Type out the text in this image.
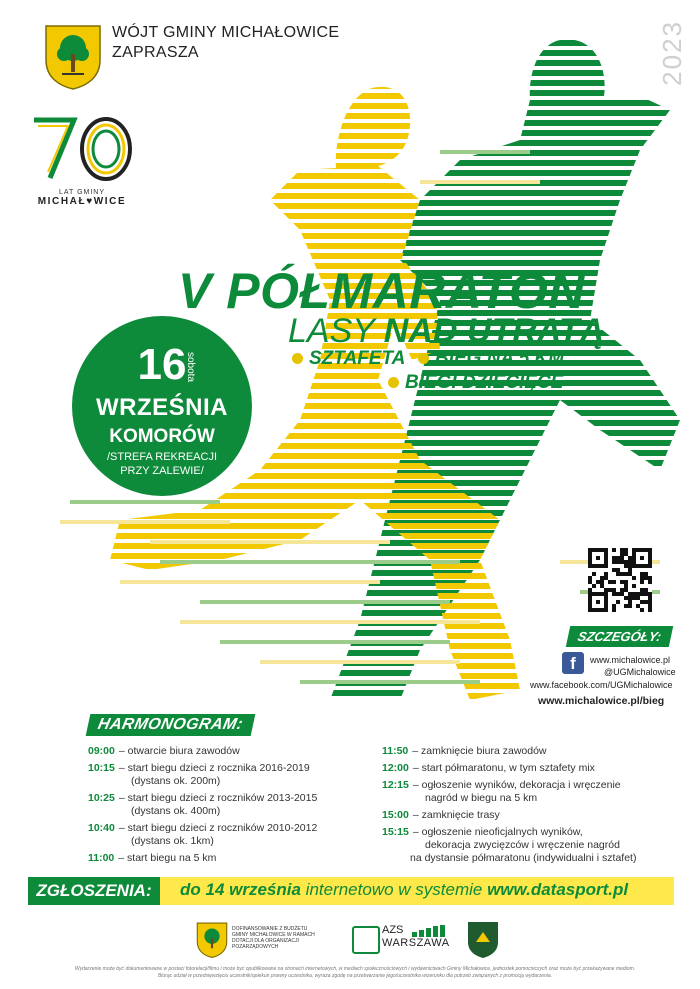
WÓJT GMINY MICHAŁOWICE
ZAPRASZA	2023
LAT GMINY
MICHAŁ♥WICE
V PÓŁMARATON
LASY NAD UTRATĄ
SZTAFETA BIEG NA 5 KM
BIEGI DZIECIĘCE
16
sobota
WRZEŚNIA
KOMORÓW
/STREFA REKREACJI
PRZY ZALEWIE/
SZCZEGÓŁY:
f	www.michalowice.pl
@UGMichalowice
www.facebook.com/UGMichalowice
www.michalowice.pl/bieg
HARMONOGRAM:
09:00 – otwarcie biura zawodów
10:15 – start biegu dzieci z rocznika 2016-2019
(dystans ok. 200m)
10:25 – start biegu dzieci z roczników 2013-2015
(dystans ok. 400m)
10:40 – start biegu dzieci z roczników 2010-2012
(dystans ok. 1km)
11:00 – start biegu na 5 km
11:50 – zamknięcie biura zawodów
12:00 – start półmaratonu, w tym sztafety mix
12:15 – ogłoszenie wyników, dekoracja i wręczenie
nagród w biegu na 5 km
15:00 – zamknięcie trasy
15:15 – ogłoszenie nieoficjalnych wyników,
dekoracja zwycięzców i wręczenie nagród
na dystansie półmaratonu (indywidualni i sztafet)
ZGŁOSZENIA:	do 14 września internetowo w systemie www.datasport.pl
DOFINANSOWANIE Z BUDŻETU
GMINY MICHAŁOWICE W RAMACH
DOTACJI DLA ORGANIZACJI
POZARZĄDOWYCH
AZS
WARSZAWA
Wydarzenie może być dokumentowane w postaci fotorelacji/filmu i może być opublikowane na stronach internetowych, w mediach społecznościowych i wydawnictwach Gminy Michałowice, jednostek pomocniczych oraz może być przekazywane mediom.
Biorąc udział w przedsięwzięciu uczestnik/opiekun prawny uczestnika, wyraża zgodę na przetwarzanie jego/uczestnika wizerunku dla potrzeb związanych z promocją wydarzenia.
